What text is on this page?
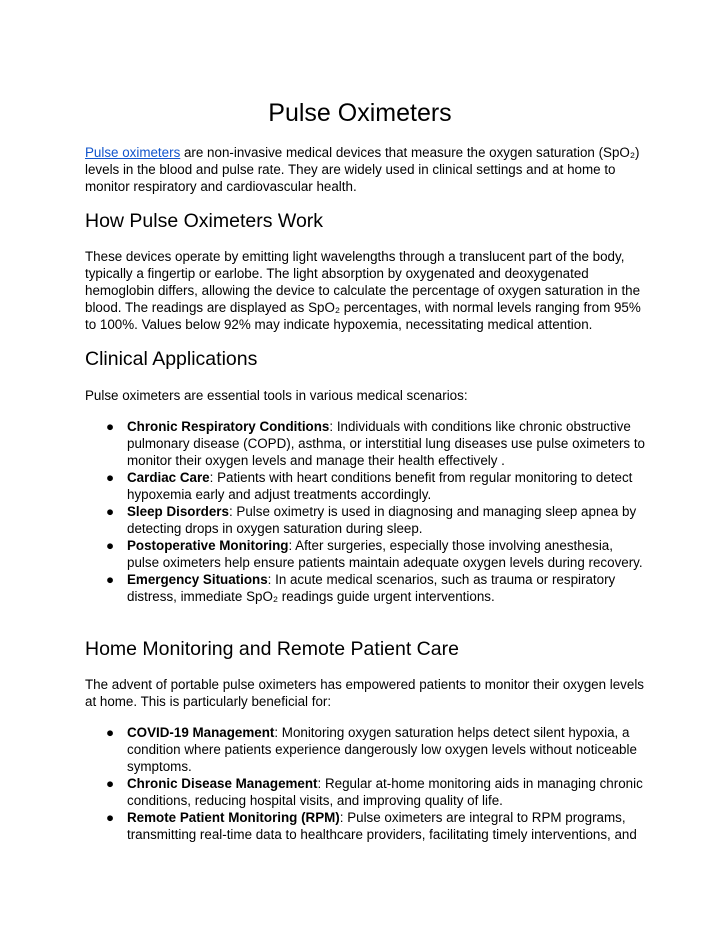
Pulse Oximeters

Pulse oximeters are non-invasive medical devices that measure the oxygen saturation (SpO₂) levels in the blood and pulse rate. They are widely used in clinical settings and at home to monitor respiratory and cardiovascular health.

How Pulse Oximeters Work

These devices operate by emitting light wavelengths through a translucent part of the body, typically a fingertip or earlobe. The light absorption by oxygenated and deoxygenated hemoglobin differs, allowing the device to calculate the percentage of oxygen saturation in the blood. The readings are displayed as SpO₂ percentages, with normal levels ranging from 95% to 100%. Values below 92% may indicate hypoxemia, necessitating medical attention.

Clinical Applications

Pulse oximeters are essential tools in various medical scenarios:

● Chronic Respiratory Conditions: Individuals with conditions like chronic obstructive pulmonary disease (COPD), asthma, or interstitial lung diseases use pulse oximeters to monitor their oxygen levels and manage their health effectively .
● Cardiac Care: Patients with heart conditions benefit from regular monitoring to detect hypoxemia early and adjust treatments accordingly.
● Sleep Disorders: Pulse oximetry is used in diagnosing and managing sleep apnea by detecting drops in oxygen saturation during sleep.
● Postoperative Monitoring: After surgeries, especially those involving anesthesia, pulse oximeters help ensure patients maintain adequate oxygen levels during recovery.
● Emergency Situations: In acute medical scenarios, such as trauma or respiratory distress, immediate SpO₂ readings guide urgent interventions.
Home Monitoring and Remote Patient Care

The advent of portable pulse oximeters has empowered patients to monitor their oxygen levels at home. This is particularly beneficial for:

● COVID-19 Management: Monitoring oxygen saturation helps detect silent hypoxia, a condition where patients experience dangerously low oxygen levels without noticeable symptoms.
● Chronic Disease Management: Regular at-home monitoring aids in managing chronic conditions, reducing hospital visits, and improving quality of life.
● Remote Patient Monitoring (RPM): Pulse oximeters are integral to RPM programs, transmitting real-time data to healthcare providers, facilitating timely interventions, and
